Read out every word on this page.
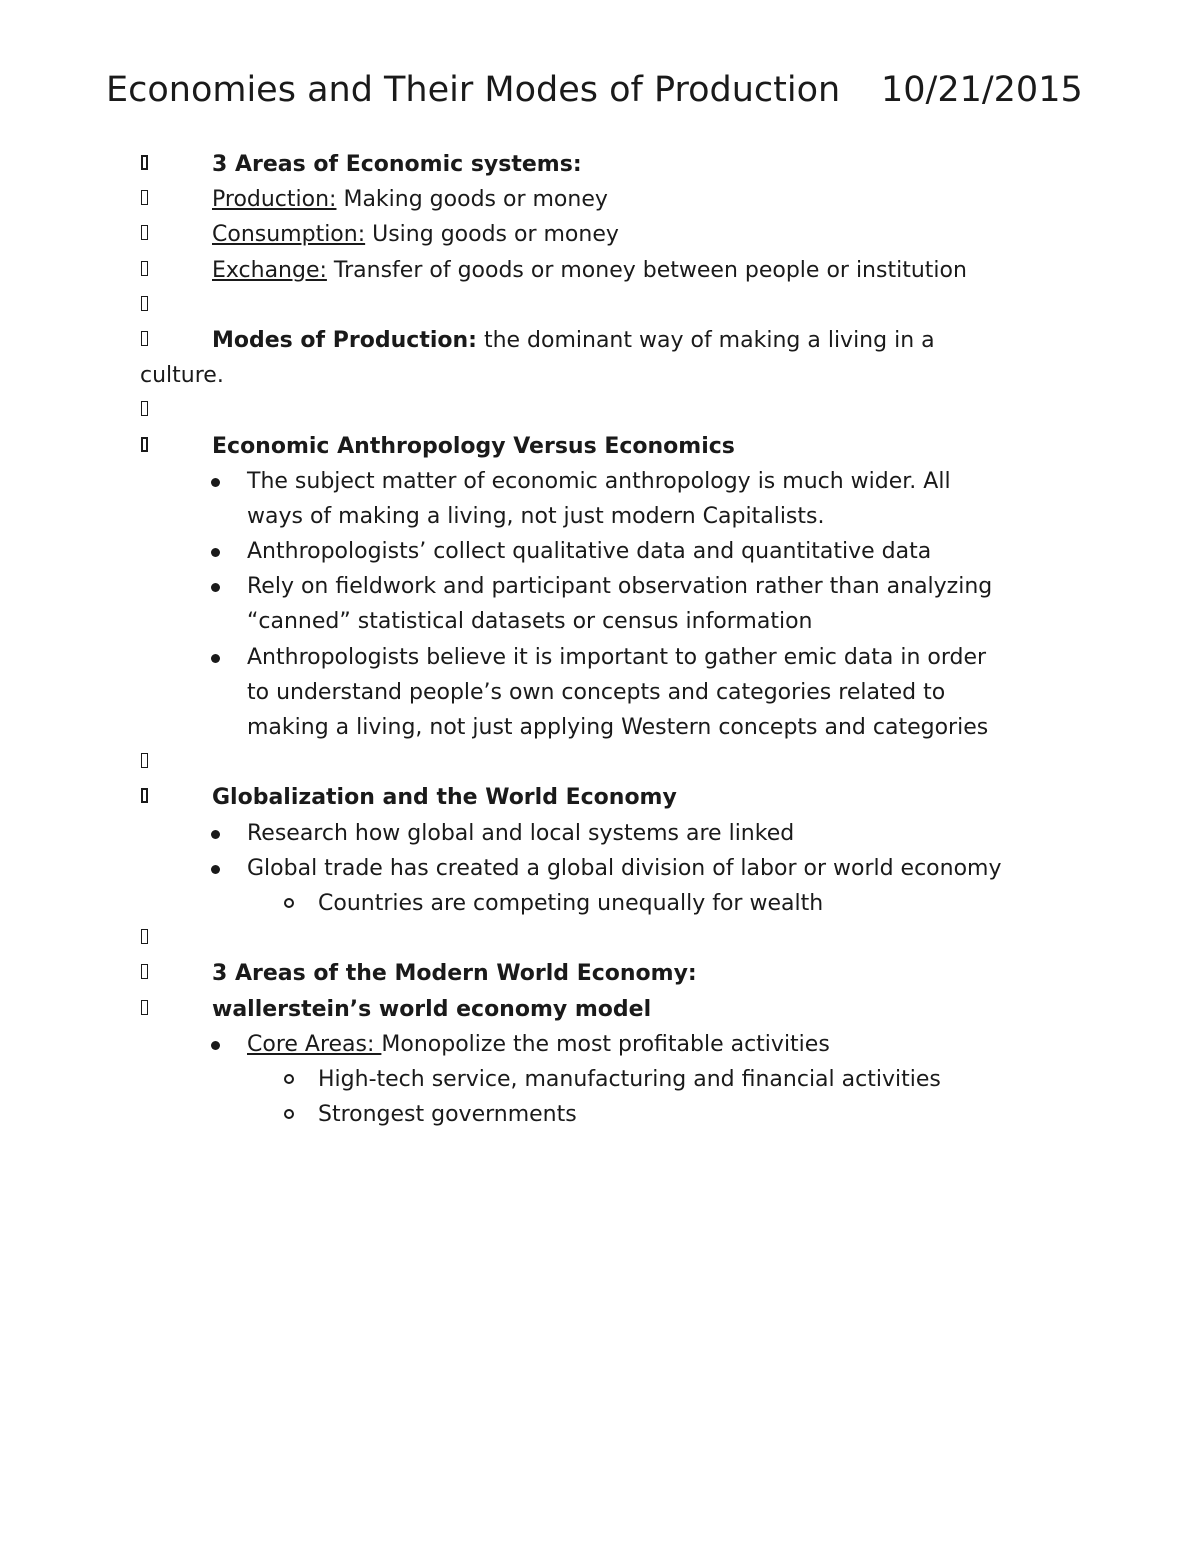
Economies and Their Modes of Production 10/21/2015
3 Areas of Economic systems:
Production: Making goods or money
Consumption: Using goods or money
Exchange: Transfer of goods or money between people or institution
Modes of Production: the dominant way of making a living in a
culture.
Economic Anthropology Versus Economics
The subject matter of economic anthropology is much wider. All
ways of making a living, not just modern Capitalists.
Anthropologists’ collect qualitative data and quantitative data
Rely on fieldwork and participant observation rather than analyzing
“canned” statistical datasets or census information
Anthropologists believe it is important to gather emic data in order
to understand people’s own concepts and categories related to
making a living, not just applying Western concepts and categories
Globalization and the World Economy
Research how global and local systems are linked
Global trade has created a global division of labor or world economy
Countries are competing unequally for wealth
3 Areas of the Modern World Economy:
wallerstein’s world economy model
Core Areas: Monopolize the most profitable activities
High-tech service, manufacturing and financial activities
Strongest governments
